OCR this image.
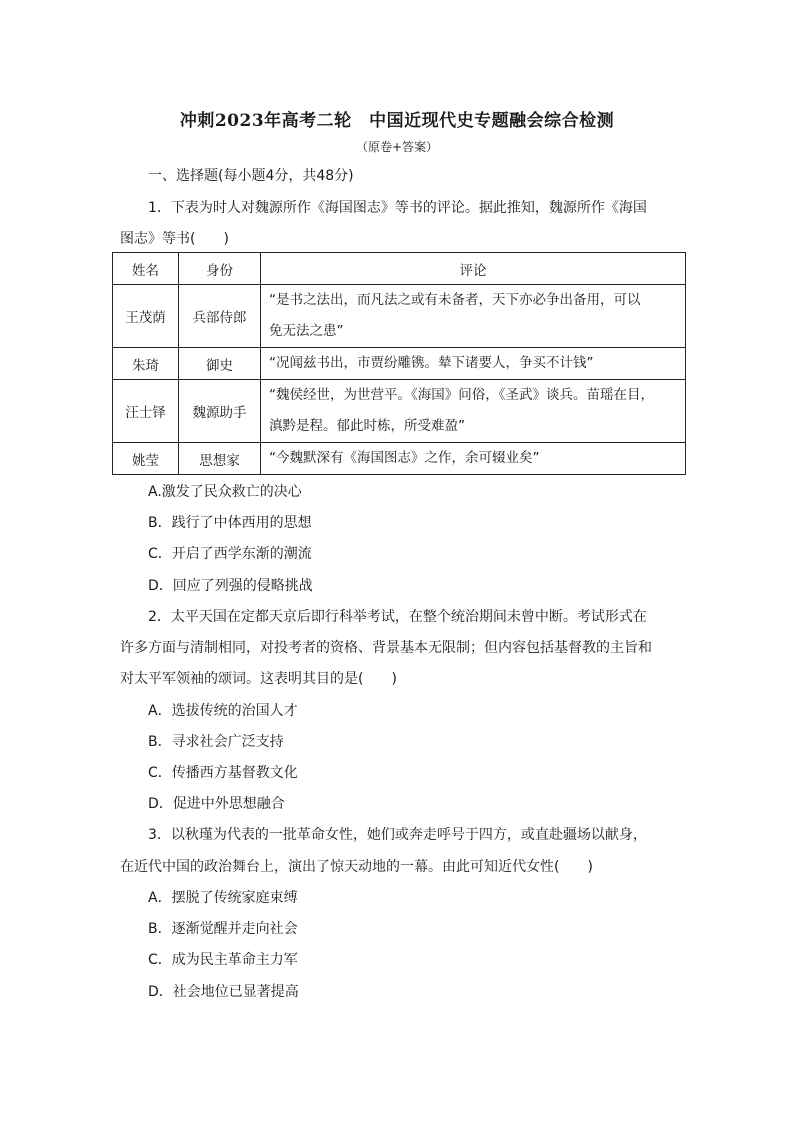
冲刺2023年高考二轮　中国近现代史专题融会综合检测
（原卷+答案）
一、选择题(每小题4分，共48分)
1．下表为时人对魏源所作《海国图志》等书的评论。据此推知，魏源所作《海国
图志》等书(　　)
姓名	身份	评论
王茂荫	兵部侍郎	“是书之法出，而凡法之或有未备者，天下亦必争出备用，可以
免无法之患”

朱琦	御史	“况闻兹书出，市贾纷雕镌。辇下诸要人，争买不计钱”

汪士铎	魏源助手	“魏侯经世，为世营平。《海国》问俗，《圣武》谈兵。苗瑶在目，
滇黔是程。郁此时栋，所受难盈”

姚莹	思想家	“今魏默深有《海国图志》之作，余可辍业矣”
A.激发了民众救亡的决心
B．践行了中体西用的思想
C．开启了西学东渐的潮流
D．回应了列强的侵略挑战
2．太平天国在定都天京后即行科举考试，在整个统治期间未曾中断。考试形式在
许多方面与清制相同，对投考者的资格、背景基本无限制；但内容包括基督教的主旨和
对太平军领袖的颂词。这表明其目的是(　　)
A．选拔传统的治国人才
B．寻求社会广泛支持
C．传播西方基督教文化
D．促进中外思想融合
3．以秋瑾为代表的一批革命女性，她们或奔走呼号于四方，或直赴疆场以献身，
在近代中国的政治舞台上，演出了惊天动地的一幕。由此可知近代女性(　　)
A．摆脱了传统家庭束缚
B．逐渐觉醒并走向社会
C．成为民主革命主力军
D．社会地位已显著提高
